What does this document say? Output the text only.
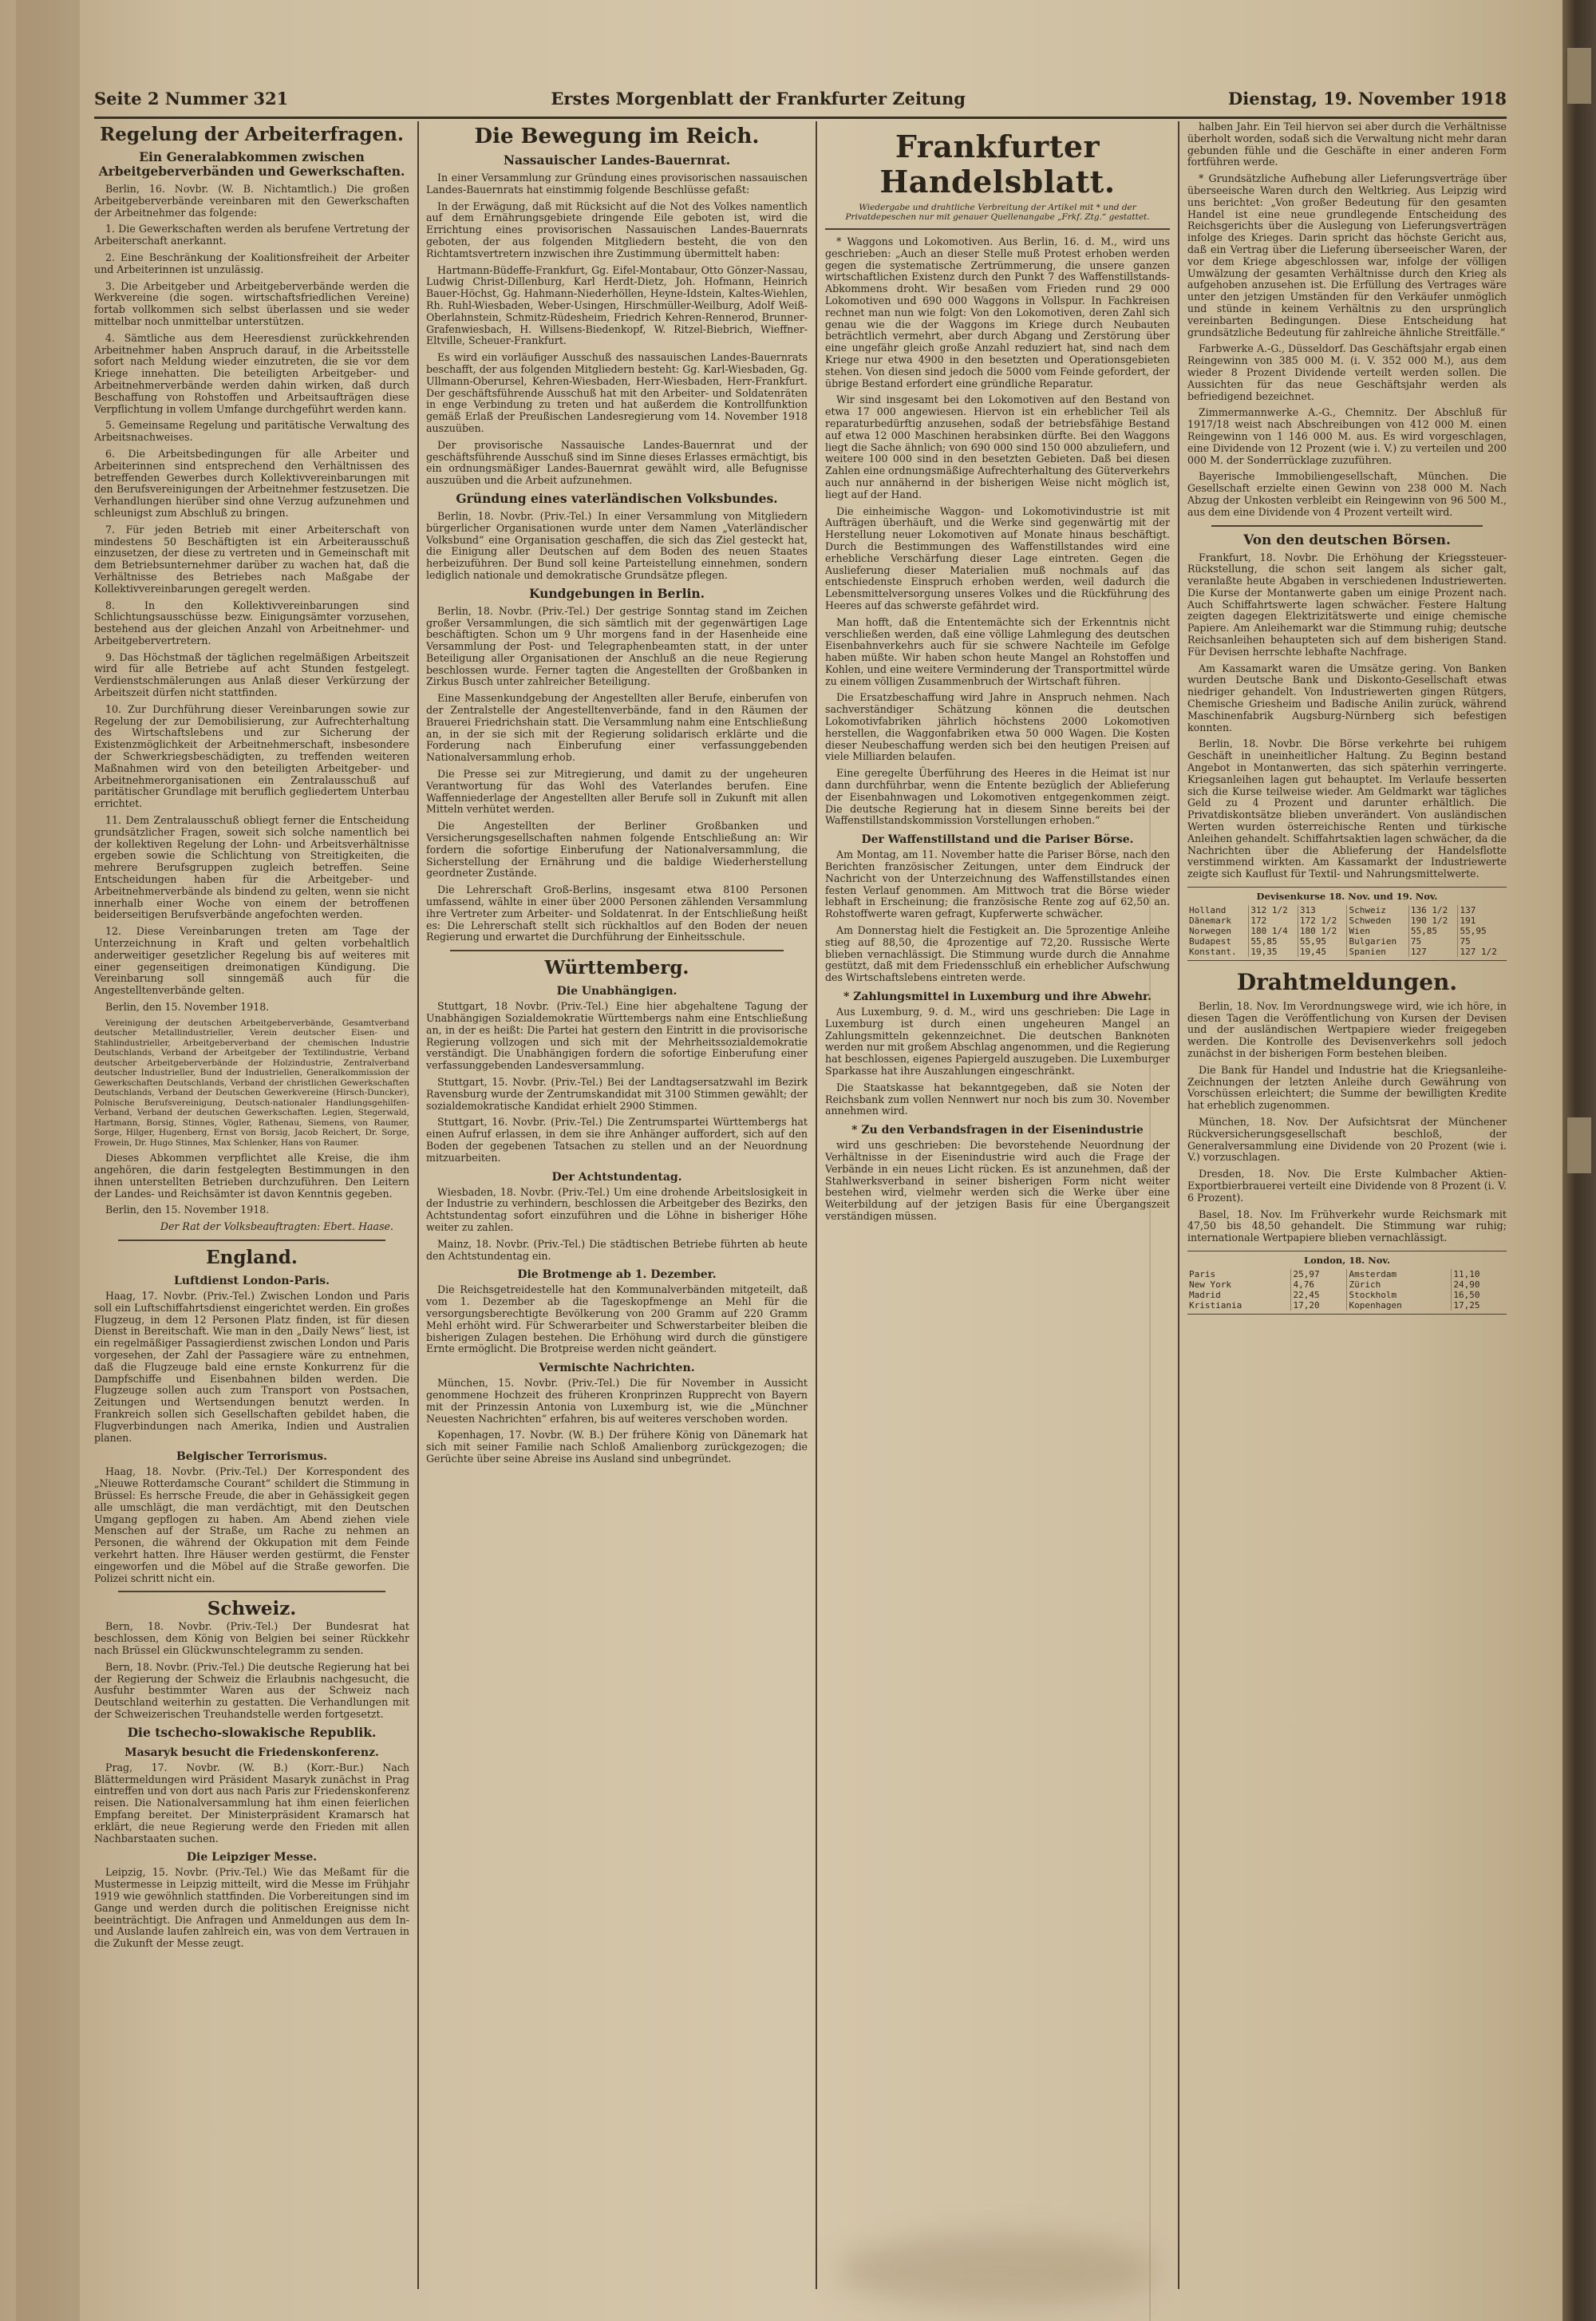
Seite 2 Nummer 321	Erstes Morgenblatt der Frankfurter Zeitung	Dienstag, 19. November 1918
Regelung der Arbeiterfragen.
Ein Generalabkommen zwischen Arbeitgeberverbänden und Gewerkschaften.

Berlin, 16. Novbr. (W. B. Nichtamtlich.) Die großen Arbeitgeberverbände vereinbaren mit den Gewerkschaften der Arbeitnehmer das folgende:

1. Die Gewerkschaften werden als berufene Vertretung der Arbeiterschaft anerkannt.

2. Eine Beschränkung der Koalitionsfreiheit der Arbeiter und Arbeiterinnen ist unzulässig.

3. Die Arbeitgeber und Arbeitgeberverbände werden die Werkvereine (die sogen. wirtschaftsfriedlichen Vereine) fortab vollkommen sich selbst überlassen und sie weder mittelbar noch unmittelbar unterstützen.

4. Sämtliche aus dem Heeresdienst zurückkehrenden Arbeitnehmer haben Anspruch darauf, in die Arbeitsstelle sofort nach Meldung wieder einzutreten, die sie vor dem Kriege innehatten. Die beteiligten Arbeitgeber- und Arbeitnehmerverbände werden dahin wirken, daß durch Beschaffung von Rohstoffen und Arbeitsaufträgen diese Verpflichtung in vollem Umfange durchgeführt werden kann.

5. Gemeinsame Regelung und paritätische Verwaltung des Arbeitsnachweises.

6. Die Arbeitsbedingungen für alle Arbeiter und Arbeiterinnen sind entsprechend den Verhältnissen des betreffenden Gewerbes durch Kollektivvereinbarungen mit den Berufsvereinigungen der Arbeitnehmer festzusetzen. Die Verhandlungen hierüber sind ohne Verzug aufzunehmen und schleunigst zum Abschluß zu bringen.

7. Für jeden Betrieb mit einer Arbeiterschaft von mindestens 50 Beschäftigten ist ein Arbeiterausschuß einzusetzen, der diese zu vertreten und in Gemeinschaft mit dem Betriebsunternehmer darüber zu wachen hat, daß die Verhältnisse des Betriebes nach Maßgabe der Kollektivvereinbarungen geregelt werden.

8. In den Kollektivvereinbarungen sind Schlichtungsausschüsse bezw. Einigungsämter vorzusehen, bestehend aus der gleichen Anzahl von Arbeitnehmer- und Arbeitgebervertretern.

9. Das Höchstmaß der täglichen regelmäßigen Arbeitszeit wird für alle Betriebe auf acht Stunden festgelegt. Verdienstschmälerungen aus Anlaß dieser Verkürzung der Arbeitszeit dürfen nicht stattfinden.

10. Zur Durchführung dieser Vereinbarungen sowie zur Regelung der zur Demobilisierung, zur Aufrechterhaltung des Wirtschaftslebens und zur Sicherung der Existenzmöglichkeit der Arbeitnehmerschaft, insbesondere der Schwerkriegsbeschädigten, zu treffenden weiteren Maßnahmen wird von den beteiligten Arbeitgeber- und Arbeitnehmerorganisationen ein Zentralausschuß auf paritätischer Grundlage mit beruflich gegliedertem Unterbau errichtet.

11. Dem Zentralausschuß obliegt ferner die Entscheidung grundsätzlicher Fragen, soweit sich solche namentlich bei der kollektiven Regelung der Lohn- und Arbeitsverhältnisse ergeben sowie die Schlichtung von Streitigkeiten, die mehrere Berufsgruppen zugleich betreffen. Seine Entscheidungen haben für die Arbeitgeber- und Arbeitnehmerverbände als bindend zu gelten, wenn sie nicht innerhalb einer Woche von einem der betroffenen beiderseitigen Berufsverbände angefochten werden.

12. Diese Vereinbarungen treten am Tage der Unterzeichnung in Kraft und gelten vorbehaltlich anderweitiger gesetzlicher Regelung bis auf weiteres mit einer gegenseitigen dreimonatigen Kündigung. Die Vereinbarung soll sinngemäß auch für die Angestelltenverbände gelten.

Berlin, den 15. November 1918.

Vereinigung der deutschen Arbeitgeberverbände, Gesamtverband deutscher Metallindustrieller, Verein deutscher Eisen- und Stahlindustrieller, Arbeitgeberverband der chemischen Industrie Deutschlands, Verband der Arbeitgeber der Textilindustrie, Verband deutscher Arbeitgeberverbände der Holzindustrie, Zentralverband deutscher Industrieller, Bund der Industriellen, Generalkommission der Gewerkschaften Deutschlands, Verband der christlichen Gewerkschaften Deutschlands, Verband der Deutschen Gewerkvereine (Hirsch-Duncker), Polnische Berufsvereinigung, Deutsch-nationaler Handlungsgehilfen-Verband, Verband der deutschen Gewerkschaften. Legien, Stegerwald, Hartmann, Borsig, Stinnes, Vögler, Rathenau, Siemens, von Raumer, Sorge, Hilger, Hugenberg, Ernst von Borsig, Jacob Reichert, Dr. Sorge, Frowein, Dr. Hugo Stinnes, Max Schlenker, Hans von Raumer.

Dieses Abkommen verpflichtet alle Kreise, die ihm angehören, die darin festgelegten Bestimmungen in den ihnen unterstellten Betrieben durchzuführen. Den Leitern der Landes- und Reichsämter ist davon Kenntnis gegeben.

Berlin, den 15. November 1918.

Der Rat der Volksbeauftragten: Ebert. Haase.
England.
Luftdienst London-Paris.

Haag, 17. Novbr. (Priv.-Tel.) Zwischen London und Paris soll ein Luftschiffahrtsdienst eingerichtet werden. Ein großes Flugzeug, in dem 12 Personen Platz finden, ist für diesen Dienst in Bereitschaft. Wie man in den „Daily News“ liest, ist ein regelmäßiger Passagierdienst zwischen London und Paris vorgesehen, der Zahl der Passagiere wäre zu entnehmen, daß die Flugzeuge bald eine ernste Konkurrenz für die Dampfschiffe und Eisenbahnen bilden werden. Die Flugzeuge sollen auch zum Transport von Postsachen, Zeitungen und Wertsendungen benutzt werden. In Frankreich sollen sich Gesellschaften gebildet haben, die Flugverbindungen nach Amerika, Indien und Australien planen.

Belgischer Terrorismus.

Haag, 18. Novbr. (Priv.-Tel.) Der Korrespondent des „Nieuwe Rotterdamsche Courant“ schildert die Stimmung in Brüssel: Es herrsche Freude, die aber in Gehässigkeit gegen alle umschlägt, die man verdächtigt, mit den Deutschen Umgang gepflogen zu haben. Am Abend ziehen viele Menschen auf der Straße, um Rache zu nehmen an Personen, die während der Okkupation mit dem Feinde verkehrt hatten. Ihre Häuser werden gestürmt, die Fenster eingeworfen und die Möbel auf die Straße geworfen. Die Polizei schritt nicht ein.

Schweiz.

Bern, 18. Novbr. (Priv.-Tel.) Der Bundesrat hat beschlossen, dem König von Belgien bei seiner Rückkehr nach Brüssel ein Glückwunschtelegramm zu senden.

Bern, 18. Novbr. (Priv.-Tel.) Die deutsche Regierung hat bei der Regierung der Schweiz die Erlaubnis nachgesucht, die Ausfuhr bestimmter Waren aus der Schweiz nach Deutschland weiterhin zu gestatten. Die Verhandlungen mit der Schweizerischen Treuhandstelle werden fortgesetzt.

Die tschecho-slowakische Republik.
Masaryk besucht die Friedenskonferenz.

Prag, 17. Novbr. (W. B.) (Korr.-Bur.) Nach Blättermeldungen wird Präsident Masaryk zunächst in Prag eintreffen und von dort aus nach Paris zur Friedenskonferenz reisen. Die Nationalversammlung hat ihm einen feierlichen Empfang bereitet. Der Ministerpräsident Kramarsch hat erklärt, die neue Regierung werde den Frieden mit allen Nachbarstaaten suchen.

Die Leipziger Messe.

Leipzig, 15. Novbr. (Priv.-Tel.) Wie das Meßamt für die Mustermesse in Leipzig mitteilt, wird die Messe im Frühjahr 1919 wie gewöhnlich stattfinden. Die Vorbereitungen sind im Gange und werden durch die politischen Ereignisse nicht beeinträchtigt. Die Anfragen und Anmeldungen aus dem In- und Auslande laufen zahlreich ein, was von dem Vertrauen in die Zukunft der Messe zeugt.

Die Bewegung im Reich.
Nassauischer Landes-Bauernrat.

In einer Versammlung zur Gründung eines provisorischen nassauischen Landes-Bauernrats hat einstimmig folgende Beschlüsse gefaßt:

In der Erwägung, daß mit Rücksicht auf die Not des Volkes namentlich auf dem Ernährungsgebiete dringende Eile geboten ist, wird die Errichtung eines provisorischen Nassauischen Landes-Bauernrats geboten, der aus folgenden Mitgliedern besteht, die von den Richtamtsvertretern inzwischen ihre Zustimmung übermittelt haben:

Hartmann-Büdeffe-Frankfurt, Gg. Eifel-Montabaur, Otto Gönzer-Nassau, Ludwig Christ-Dillenburg, Karl Herdt-Dietz, Joh. Hofmann, Heinrich Bauer-Höchst, Gg. Hahmann-Niederhöllen, Heyne-Idstein, Kaltes-Wiehlen, Rh. Ruhl-Wiesbaden, Weber-Usingen, Hirschmüller-Weilburg, Adolf Weiß-Oberlahnstein, Schmitz-Rüdesheim, Friedrich Kehren-Rennerod, Brunner-Grafenwiesbach, H. Willsens-Biedenkopf, W. Ritzel-Biebrich, Wieffner-Eltville, Scheuer-Frankfurt.

Es wird ein vorläufiger Ausschuß des nassauischen Landes-Bauernrats beschafft, der aus folgenden Mitgliedern besteht: Gg. Karl-Wiesbaden, Gg. Ullmann-Oberursel, Kehren-Wiesbaden, Herr-Wiesbaden, Herr-Frankfurt. Der geschäftsführende Ausschuß hat mit den Arbeiter- und Soldatenräten in enge Verbindung zu treten und hat außerdem die Kontrollfunktion gemäß Erlaß der Preußischen Landesregierung vom 14. November 1918 auszuüben.

Der provisorische Nassauische Landes-Bauernrat und der geschäftsführende Ausschuß sind im Sinne dieses Erlasses ermächtigt, bis ein ordnungsmäßiger Landes-Bauernrat gewählt wird, alle Befugnisse auszuüben und die Arbeit aufzunehmen.

Gründung eines vaterländischen Volksbundes.

Berlin, 18. Novbr. (Priv.-Tel.) In einer Versammlung von Mitgliedern bürgerlicher Organisationen wurde unter dem Namen „Vaterländischer Volksbund“ eine Organisation geschaffen, die sich das Ziel gesteckt hat, die Einigung aller Deutschen auf dem Boden des neuen Staates herbeizuführen. Der Bund soll keine Parteistellung einnehmen, sondern lediglich nationale und demokratische Grundsätze pflegen.

Kundgebungen in Berlin.

Berlin, 18. Novbr. (Priv.-Tel.) Der gestrige Sonntag stand im Zeichen großer Versammlungen, die sich sämtlich mit der gegenwärtigen Lage beschäftigten. Schon um 9 Uhr morgens fand in der Hasenheide eine Versammlung der Post- und Telegraphenbeamten statt, in der unter Beteiligung aller Organisationen der Anschluß an die neue Regierung beschlossen wurde. Ferner tagten die Angestellten der Großbanken in Zirkus Busch unter zahlreicher Beteiligung.

Eine Massenkundgebung der Angestellten aller Berufe, einberufen von der Zentralstelle der Angestelltenverbände, fand in den Räumen der Brauerei Friedrichshain statt. Die Versammlung nahm eine Entschließung an, in der sie sich mit der Regierung solidarisch erklärte und die Forderung nach Einberufung einer verfassunggebenden Nationalversammlung erhob.

Die Presse sei zur Mitregierung, und damit zu der ungeheuren Verantwortung für das Wohl des Vaterlandes berufen. Eine Waffenniederlage der Angestellten aller Berufe soll in Zukunft mit allen Mitteln verhütet werden.

Die Angestellten der Berliner Großbanken und Versicherungsgesellschaften nahmen folgende Entschließung an: Wir fordern die sofortige Einberufung der Nationalversammlung, die Sicherstellung der Ernährung und die baldige Wiederherstellung geordneter Zustände.

Die Lehrerschaft Groß-Berlins, insgesamt etwa 8100 Personen umfassend, wählte in einer über 2000 Personen zählenden Versammlung ihre Vertreter zum Arbeiter- und Soldatenrat. In der Entschließung heißt es: Die Lehrerschaft stellt sich rückhaltlos auf den Boden der neuen Regierung und erwartet die Durchführung der Einheitsschule.

Württemberg.
Die Unabhängigen.

Stuttgart, 18 Novbr. (Priv.-Tel.) Eine hier abgehaltene Tagung der Unabhängigen Sozialdemokratie Württembergs nahm eine Entschließung an, in der es heißt: Die Partei hat gestern den Eintritt in die provisorische Regierung vollzogen und sich mit der Mehrheitssozialdemokratie verständigt. Die Unabhängigen fordern die sofortige Einberufung einer verfassunggebenden Landesversammlung.

Stuttgart, 15. Novbr. (Priv.-Tel.) Bei der Landtagsersatzwahl im Bezirk Ravensburg wurde der Zentrumskandidat mit 3100 Stimmen gewählt; der sozialdemokratische Kandidat erhielt 2900 Stimmen.

Stuttgart, 16. Novbr. (Priv.-Tel.) Die Zentrumspartei Württembergs hat einen Aufruf erlassen, in dem sie ihre Anhänger auffordert, sich auf den Boden der gegebenen Tatsachen zu stellen und an der Neuordnung mitzuarbeiten.

Der Achtstundentag.

Wiesbaden, 18. Novbr. (Priv.-Tel.) Um eine drohende Arbeitslosigkeit in der Industrie zu verhindern, beschlossen die Arbeitgeber des Bezirks, den Achtstundentag sofort einzuführen und die Löhne in bisheriger Höhe weiter zu zahlen.

Mainz, 18. Novbr. (Priv.-Tel.) Die städtischen Betriebe führten ab heute den Achtstundentag ein.

Die Brotmenge ab 1. Dezember.

Die Reichsgetreidestelle hat den Kommunalverbänden mitgeteilt, daß vom 1. Dezember ab die Tageskopfmenge an Mehl für die versorgungsberechtigte Bevölkerung von 200 Gramm auf 220 Gramm Mehl erhöht wird. Für Schwerarbeiter und Schwerstarbeiter bleiben die bisherigen Zulagen bestehen. Die Erhöhung wird durch die günstigere Ernte ermöglicht. Die Brotpreise werden nicht geändert.

Vermischte Nachrichten.

München, 15. Novbr. (Priv.-Tel.) Die für November in Aussicht genommene Hochzeit des früheren Kronprinzen Rupprecht von Bayern mit der Prinzessin Antonia von Luxemburg ist, wie die „Münchner Neuesten Nachrichten“ erfahren, bis auf weiteres verschoben worden.

Kopenhagen, 17. Novbr. (W. B.) Der frühere König von Dänemark hat sich mit seiner Familie nach Schloß Amalienborg zurückgezogen; die Gerüchte über seine Abreise ins Ausland sind unbegründet.

Frankfurter Handelsblatt.
Wiedergabe und drahtliche Verbreitung der Artikel mit * und der Privatdepeschen nur mit genauer Quellenangabe „Frkf. Ztg.“ gestattet.

* Waggons und Lokomotiven. Aus Berlin, 16. d. M., wird uns geschrieben: „Auch an dieser Stelle muß Protest erhoben werden gegen die systematische Zertrümmerung, die unsere ganzen wirtschaftlichen Existenz durch den Punkt 7 des Waffenstillstands-Abkommens droht. Wir besaßen vom Frieden rund 29 000 Lokomotiven und 690 000 Waggons in Vollspur. In Fachkreisen rechnet man nun wie folgt: Von den Lokomotiven, deren Zahl sich genau wie die der Waggons im Kriege durch Neubauten beträchtlich vermehrt, aber durch Abgang und Zerstörung über eine ungefähr gleich große Anzahl reduziert hat, sind nach dem Kriege nur etwa 4900 in den besetzten und Operationsgebieten stehen. Von diesen sind jedoch die 5000 vom Feinde gefordert, der übrige Bestand erfordert eine gründliche Reparatur.

Wir sind insgesamt bei den Lokomotiven auf den Bestand von etwa 17 000 angewiesen. Hiervon ist ein erheblicher Teil als reparaturbedürftig anzusehen, sodaß der betriebsfähige Bestand auf etwa 12 000 Maschinen herabsinken dürfte. Bei den Waggons liegt die Sache ähnlich; von 690 000 sind 150 000 abzuliefern, und weitere 100 000 sind in den besetzten Gebieten. Daß bei diesen Zahlen eine ordnungsmäßige Aufrechterhaltung des Güterverkehrs auch nur annähernd in der bisherigen Weise nicht möglich ist, liegt auf der Hand.

Die einheimische Waggon- und Lokomotivindustrie ist mit Aufträgen überhäuft, und die Werke sind gegenwärtig mit der Herstellung neuer Lokomotiven auf Monate hinaus beschäftigt. Durch die Bestimmungen des Waffenstillstandes wird eine erhebliche Verschärfung dieser Lage eintreten. Gegen die Auslieferung dieser Materialien muß nochmals auf das entschiedenste Einspruch erhoben werden, weil dadurch die Lebensmittelversorgung unseres Volkes und die Rückführung des Heeres auf das schwerste gefährdet wird.

Man hofft, daß die Ententemächte sich der Erkenntnis nicht verschließen werden, daß eine völlige Lahmlegung des deutschen Eisenbahnverkehrs auch für sie schwere Nachteile im Gefolge haben müßte. Wir haben schon heute Mangel an Rohstoffen und Kohlen, und eine weitere Verminderung der Transportmittel würde zu einem völligen Zusammenbruch der Wirtschaft führen.

Die Ersatzbeschaffung wird Jahre in Anspruch nehmen. Nach sachverständiger Schätzung können die deutschen Lokomotivfabriken jährlich höchstens 2000 Lokomotiven herstellen, die Waggonfabriken etwa 50 000 Wagen. Die Kosten dieser Neubeschaffung werden sich bei den heutigen Preisen auf viele Milliarden belaufen.

Eine geregelte Überführung des Heeres in die Heimat ist nur dann durchführbar, wenn die Entente bezüglich der Ablieferung der Eisenbahnwagen und Lokomotiven entgegenkommen zeigt. Die deutsche Regierung hat in diesem Sinne bereits bei der Waffenstillstandskommission Vorstellungen erhoben.“

Der Waffenstillstand und die Pariser Börse.

Am Montag, am 11. November hatte die Pariser Börse, nach den Berichten französischer Zeitungen, unter dem Eindruck der Nachricht von der Unterzeichnung des Waffenstillstandes einen festen Verlauf genommen. Am Mittwoch trat die Börse wieder lebhaft in Erscheinung; die französische Rente zog auf 62,50 an. Rohstoffwerte waren gefragt, Kupferwerte schwächer.

Am Donnerstag hielt die Festigkeit an. Die 5prozentige Anleihe stieg auf 88,50, die 4prozentige auf 72,20. Russische Werte blieben vernachlässigt. Die Stimmung wurde durch die Annahme gestützt, daß mit dem Friedensschluß ein erheblicher Aufschwung des Wirtschaftslebens eintreten werde.

* Zahlungsmittel in Luxemburg und ihre Abwehr.

Aus Luxemburg, 9. d. M., wird uns geschrieben: Die Lage in Luxemburg ist durch einen ungeheuren Mangel an Zahlungsmitteln gekennzeichnet. Die deutschen Banknoten werden nur mit großem Abschlag angenommen, und die Regierung hat beschlossen, eigenes Papiergeld auszugeben. Die Luxemburger Sparkasse hat ihre Auszahlungen eingeschränkt.

Die Staatskasse hat bekanntgegeben, daß sie Noten der Reichsbank zum vollen Nennwert nur noch bis zum 30. November annehmen wird.

* Zu den Verbandsfragen in der Eisenindustrie

wird uns geschrieben: Die bevorstehende Neuordnung der Verhältnisse in der Eisenindustrie wird auch die Frage der Verbände in ein neues Licht rücken. Es ist anzunehmen, daß der Stahlwerksverband in seiner bisherigen Form nicht weiter bestehen wird, vielmehr werden sich die Werke über eine Weiterbildung auf der jetzigen Basis für eine Übergangszeit verständigen müssen.

halben Jahr. Ein Teil hiervon sei aber durch die Verhältnisse überholt worden, sodaß sich die Verwaltung nicht mehr daran gebunden fühle und die Geschäfte in einer anderen Form fortführen werde.

* Grundsätzliche Aufhebung aller Lieferungsverträge über überseeische Waren durch den Weltkrieg. Aus Leipzig wird uns berichtet: „Von großer Bedeutung für den gesamten Handel ist eine neue grundlegende Entscheidung des Reichsgerichts über die Auslegung von Lieferungsverträgen infolge des Krieges. Darin spricht das höchste Gericht aus, daß ein Vertrag über die Lieferung überseeischer Waren, der vor dem Kriege abgeschlossen war, infolge der völligen Umwälzung der gesamten Verhältnisse durch den Krieg als aufgehoben anzusehen ist. Die Erfüllung des Vertrages wäre unter den jetzigen Umständen für den Verkäufer unmöglich und stünde in keinem Verhältnis zu den ursprünglich vereinbarten Bedingungen. Diese Entscheidung hat grundsätzliche Bedeutung für zahlreiche ähnliche Streitfälle.“

Farbwerke A.-G., Düsseldorf. Das Geschäftsjahr ergab einen Reingewinn von 385 000 M. (i. V. 352 000 M.), aus dem wieder 8 Prozent Dividende verteilt werden sollen. Die Aussichten für das neue Geschäftsjahr werden als befriedigend bezeichnet.

Zimmermannwerke A.-G., Chemnitz. Der Abschluß für 1917/18 weist nach Abschreibungen von 412 000 M. einen Reingewinn von 1 146 000 M. aus. Es wird vorgeschlagen, eine Dividende von 12 Prozent (wie i. V.) zu verteilen und 200 000 M. der Sonderrücklage zuzuführen.

Bayerische Immobiliengesellschaft, München. Die Gesellschaft erzielte einen Gewinn von 238 000 M. Nach Abzug der Unkosten verbleibt ein Reingewinn von 96 500 M., aus dem eine Dividende von 4 Prozent verteilt wird.

Von den deutschen Börsen.

Frankfurt, 18. Novbr. Die Erhöhung der Kriegssteuer-Rückstellung, die schon seit langem als sicher galt, veranlaßte heute Abgaben in verschiedenen Industriewerten. Die Kurse der Montanwerte gaben um einige Prozent nach. Auch Schiffahrtswerte lagen schwächer. Festere Haltung zeigten dagegen Elektrizitätswerte und einige chemische Papiere. Am Anleihemarkt war die Stimmung ruhig; deutsche Reichsanleihen behaupteten sich auf dem bisherigen Stand. Für Devisen herrschte lebhafte Nachfrage.

Am Kassamarkt waren die Umsätze gering. Von Banken wurden Deutsche Bank und Diskonto-Gesellschaft etwas niedriger gehandelt. Von Industriewerten gingen Rütgers, Chemische Griesheim und Badische Anilin zurück, während Maschinenfabrik Augsburg-Nürnberg sich befestigen konnten.

Berlin, 18. Novbr. Die Börse verkehrte bei ruhigem Geschäft in uneinheitlicher Haltung. Zu Beginn bestand Angebot in Montanwerten, das sich späterhin verringerte. Kriegsanleihen lagen gut behauptet. Im Verlaufe besserten sich die Kurse teilweise wieder. Am Geldmarkt war tägliches Geld zu 4 Prozent und darunter erhältlich. Die Privatdiskontsätze blieben unverändert. Von ausländischen Werten wurden österreichische Renten und türkische Anleihen gehandelt. Schiffahrtsaktien lagen schwächer, da die Nachrichten über die Ablieferung der Handelsflotte verstimmend wirkten. Am Kassamarkt der Industriewerte zeigte sich Kauflust für Textil- und Nahrungsmittelwerte.

Devisenkurse 18. Nov. und 19. Nov.
Holland	312 1/2	313	Schweiz	136 1/2	137
Dänemark	172	172 1/2	Schweden	190 1/2	191
Norwegen	180 1/4	180 1/2	Wien	55,85	55,95
Budapest	55,85	55,95	Bulgarien	75	75
Konstant.	19,35	19,45	Spanien	127	127 1/2
Drahtmeldungen.

Berlin, 18. Nov. Im Verordnungswege wird, wie ich höre, in diesen Tagen die Veröffentlichung von Kursen der Devisen und der ausländischen Wertpapiere wieder freigegeben werden. Die Kontrolle des Devisenverkehrs soll jedoch zunächst in der bisherigen Form bestehen bleiben.

Die Bank für Handel und Industrie hat die Kriegsanleihe-Zeichnungen der letzten Anleihe durch Gewährung von Vorschüssen erleichtert; die Summe der bewilligten Kredite hat erheblich zugenommen.

München, 18. Nov. Der Aufsichtsrat der Münchener Rückversicherungsgesellschaft beschloß, der Generalversammlung eine Dividende von 20 Prozent (wie i. V.) vorzuschlagen.

Dresden, 18. Nov. Die Erste Kulmbacher Aktien-Exportbierbrauerei verteilt eine Dividende von 8 Prozent (i. V. 6 Prozent).

Basel, 18. Nov. Im Frühverkehr wurde Reichsmark mit 47,50 bis 48,50 gehandelt. Die Stimmung war ruhig; internationale Wertpapiere blieben vernachlässigt.

London, 18. Nov.
Paris	25,97	Amsterdam	11,10
New York	4,76	Zürich	24,90
Madrid	22,45	Stockholm	16,50
Kristiania	17,20	Kopenhagen	17,25
